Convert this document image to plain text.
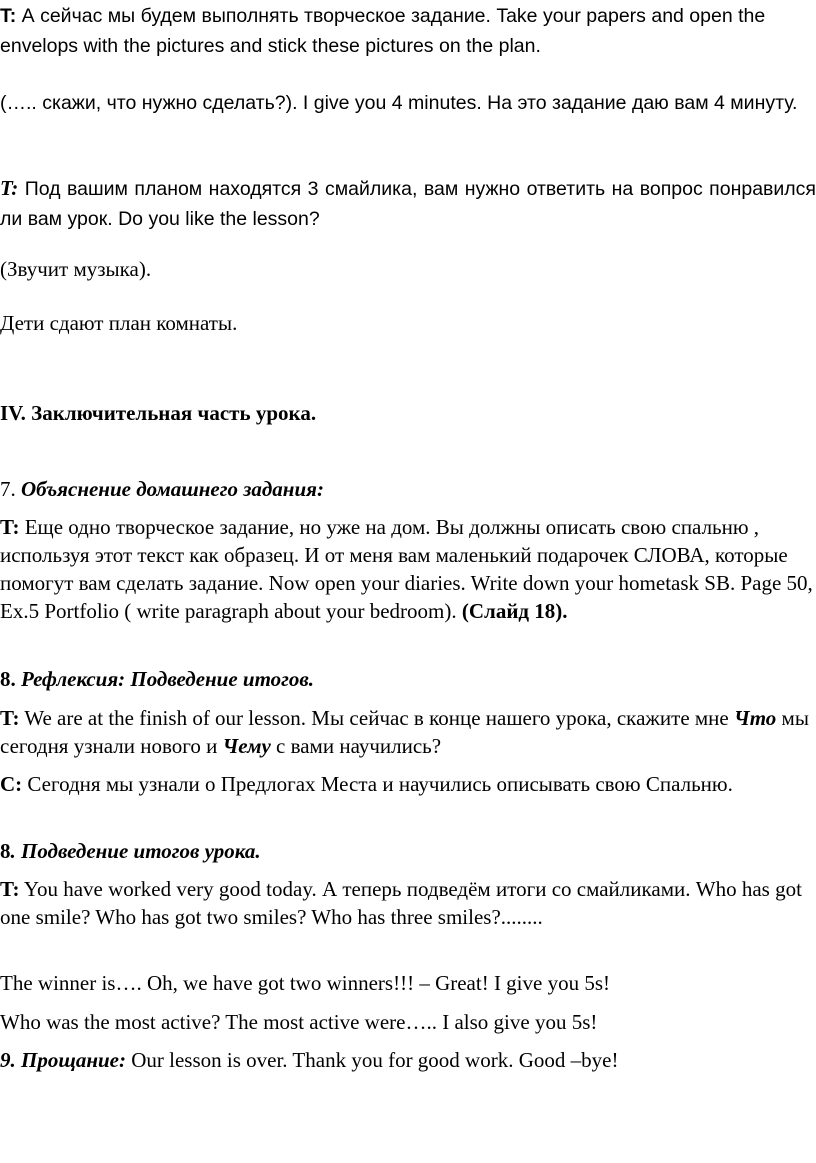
T: А сейчас мы будем выполнять творческое задание. Take your papers and open the envelops with the pictures and stick these pictures on the plan.

(….. скажи, что нужно сделать?). I give you 4 minutes. На это задание даю вам 4 минуту.

T: Под вашим планом находятся 3 смайлика, вам нужно ответить на вопрос понравился ли вам урок. Do you like the lesson?

(Звучит музыка).

Дети сдают план комнаты.

IV. Заключительная часть урока.

7. Объяснение домашнего задания:

T: Еще одно творческое задание, но уже на дом. Вы должны описать свою спальню , используя этот текст как образец. И от меня вам маленький подарочек СЛОВА, которые помогут вам сделать задание. Now open your diaries. Write down your hometask SB. Page 50, Ex.5 Portfolio ( write paragraph about your bedroom). (Слайд 18).

8. Рефлексия: Подведение итогов.

T: We are at the finish of our lesson. Мы сейчас в конце нашего урока, скажите мне Что мы сегодня узнали нового и Чему с вами научились?

C: Сегодня мы узнали о Предлогах Места и научились описывать свою Спальню.

8. Подведение итогов урока.

T: You have worked very good today. А теперь подведём итоги со смайликами. Who has got one smile? Who has got two smiles? Who has three smiles?........

The winner is…. Oh, we have got two winners!!! – Great! I give you 5s!

Who was the most active? The most active were….. I also give you 5s!

9. Прощание: Our lesson is over. Thank you for good work. Good –bye!
